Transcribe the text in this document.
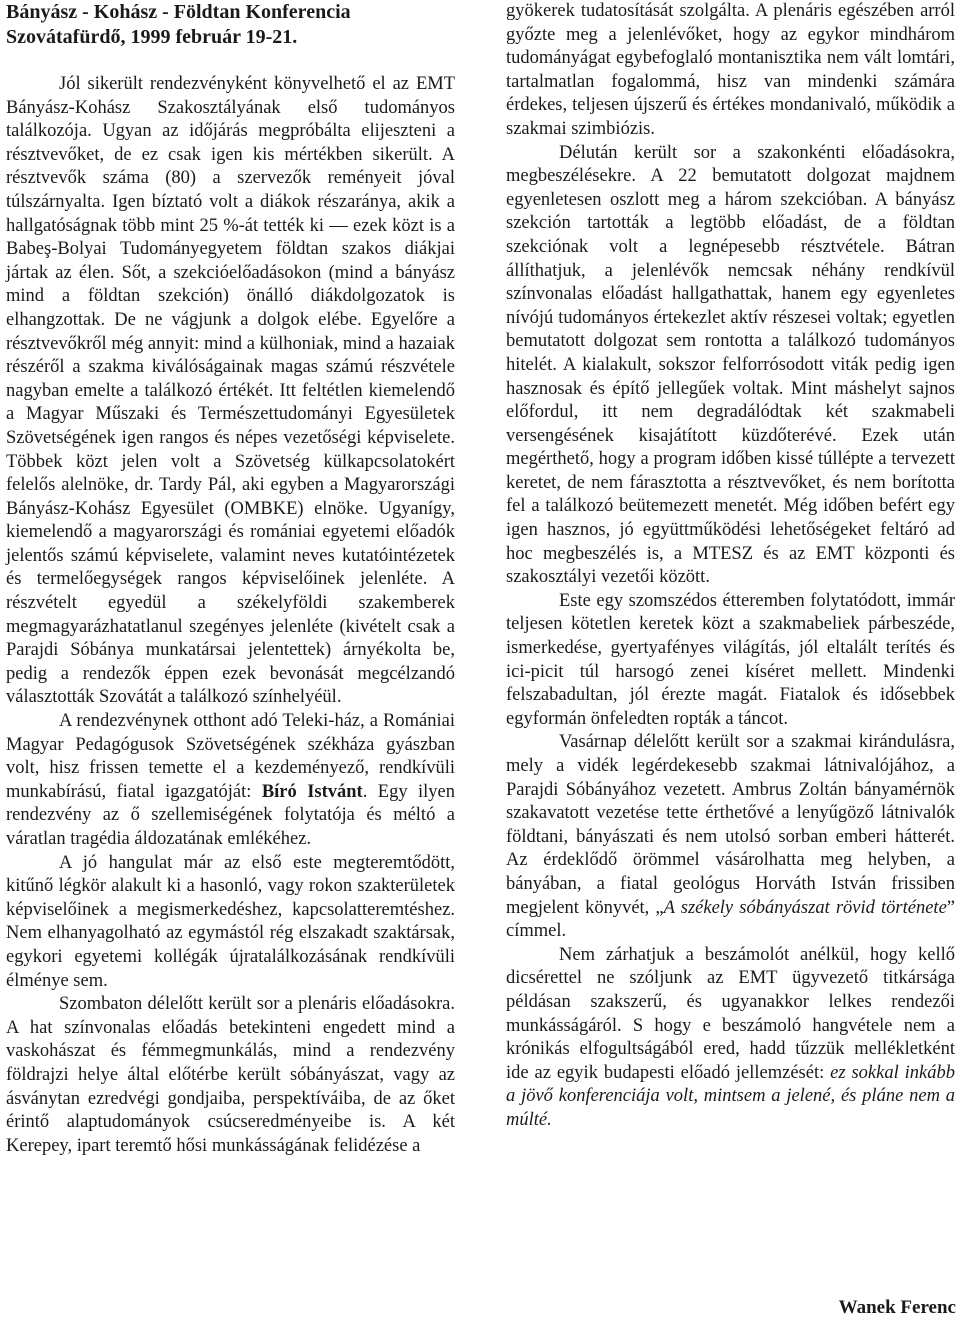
Bányász - Kohász - Földtan Konferencia
Szovátafürdő, 1999 február 19-21.

Jól sikerült rendezvényként könyvelhető el az EMT Bányász-Kohász Szakosztályának első tudományos találkozója. Ugyan az időjárás megpróbálta elijeszteni a résztvevőket, de ez csak igen kis mértékben sikerült. A résztvevők száma (80) a szervezők reményeit jóval túlszárnyalta. Igen bíztató volt a diákok részaránya, akik a hallgatóságnak több mint 25 %-át tették ki — ezek közt is a Babeş-Bolyai Tudományegyetem földtan szakos diákjai jártak az élen. Sőt, a szekcióelőadásokon (mind a bányász mind a földtan szekción) önálló diákdolgozatok is elhangzottak. De ne vágjunk a dolgok elébe. Egyelőre a résztvevőkről még annyit: mind a külhoniak, mind a hazaiak részéről a szakma kiválóságainak magas számú részvétele nagyban emelte a találkozó értékét. Itt feltétlen kiemelendő a Magyar Műszaki és Természettudományi Egyesületek Szövetségének igen rangos és népes vezetőségi képviselete. Többek közt jelen volt a Szövetség külkapcsolatokért felelős alelnöke, dr. Tardy Pál, aki egyben a Magyarországi Bányász-Kohász Egyesület (OMBKE) elnöke. Ugyanígy, kiemelendő a magyarországi és romániai egyetemi előadók jelentős számú képviselete, valamint neves kutatóintézetek és termelőegységek rangos képviselőinek jelenléte. A részvételt egyedül a székelyföldi szakemberek megmagyarázhatatlanul szegényes jelenléte (kivételt csak a Parajdi Sóbánya munkatársai jelentettek) árnyékolta be, pedig a rendezők éppen ezek bevonását megcélzandó választották Szovátát a találkozó színhelyéül.

A rendezvénynek otthont adó Teleki-ház, a Romániai Magyar Pedagógusok Szövetségének székháza gyászban volt, hisz frissen temette el a kezdeményező, rendkívüli munkabírású, fiatal igazgatóját: Bíró Istvánt. Egy ilyen rendezvény az ő szellemiségének folytatója és méltó a váratlan tragédia áldozatának emlékéhez.

A jó hangulat már az első este megteremtődött, kitűnő légkör alakult ki a hasonló, vagy rokon szakterületek képviselőinek a megismerkedéshez, kapcsolatteremtéshez. Nem elhanyagolható az egymástól rég elszakadt szaktársak, egykori egyetemi kollégák újratalálkozásának rendkívüli élménye sem.

Szombaton délelőtt került sor a plenáris előadásokra. A hat színvonalas előadás betekinteni engedett mind a vaskohászat és fémmegmunkálás, mind a rendezvény földrajzi helye által előtérbe került sóbányászat, vagy az ásványtan ezredvégi gondjaiba, perspektíváiba, de az őket érintő alaptudományok csúcseredményeibe is. A két Kerepey, ipart teremtő hősi munkásságának felidézése a

gyökerek tudatosítását szolgálta. A plenáris egészében arról győzte meg a jelenlévőket, hogy az egykor mindhárom tudományágat egybefoglaló montanisztika nem vált lomtári, tartalmatlan fogalommá, hisz van mindenki számára érdekes, teljesen újszerű és értékes mondanivaló, működik a szakmai szimbiózis.

Délután került sor a szakonkénti előadásokra, megbeszélésekre. A 22 bemutatott dolgozat majdnem egyenletesen oszlott meg a három szekcióban. A bányász szekción tartották a legtöbb előadást, de a földtan szekciónak volt a legnépesebb résztvétele. Bátran állíthatjuk, a jelenlévők nemcsak néhány rendkívül színvonalas előadást hallgathattak, hanem egy egyenletes nívójú tudományos értekezlet aktív részesei voltak; egyetlen bemutatott dolgozat sem rontotta a találkozó tudományos hitelét. A kialakult, sokszor felforrósodott viták pedig igen hasznosak és építő jellegűek voltak. Mint máshelyt sajnos előfordul, itt nem degradálódtak két szakmabeli versengésének kisajátított küzdőterévé. Ezek után megérthető, hogy a program időben kissé túllépte a tervezett keretet, de nem fárasztotta a résztvevőket, és nem borította fel a találkozó beütemezett menetét. Még időben befért egy igen hasznos, jó együttműködési lehetőségeket feltáró ad hoc megbeszélés is, a MTESZ és az EMT központi és szakosztályi vezetői között.

Este egy szomszédos étteremben folytatódott, immár teljesen kötetlen keretek közt a szakmabeliek párbeszéde, ismerkedése, gyertyafényes világítás, jól eltalált terítés és ici-picit túl harsogó zenei kíséret mellett. Mindenki felszabadultan, jól érezte magát. Fiatalok és idősebbek egyformán önfeledten ropták a táncot.

Vasárnap délelőtt került sor a szakmai kirándulásra, mely a vidék legérdekesebb szakmai látnivalójához, a Parajdi Sóbányához vezetett. Ambrus Zoltán bányamérnök szakavatott vezetése tette érthetővé a lenyűgöző látnivalók földtani, bányászati és nem utolsó sorban emberi hátterét. Az érdeklődő örömmel vásárolhatta meg helyben, a bányában, a fiatal geológus Horváth István frissiben megjelent könyvét, „A székely sóbányászat rövid története” címmel.

Nem zárhatjuk a beszámolót anélkül, hogy kellő dicsérettel ne szóljunk az EMT ügyvezető titkársága példásan szakszerű, és ugyanakkor lelkes rendezői munkásságáról. S hogy e beszámoló hangvétele nem a krónikás elfogultságából ered, hadd tűzzük mellékletként ide az egyik budapesti előadó jellemzését: ez sokkal inkább a jövő konferenciája volt, mintsem a jelené, és pláne nem a múlté.

Wanek Ferenc
